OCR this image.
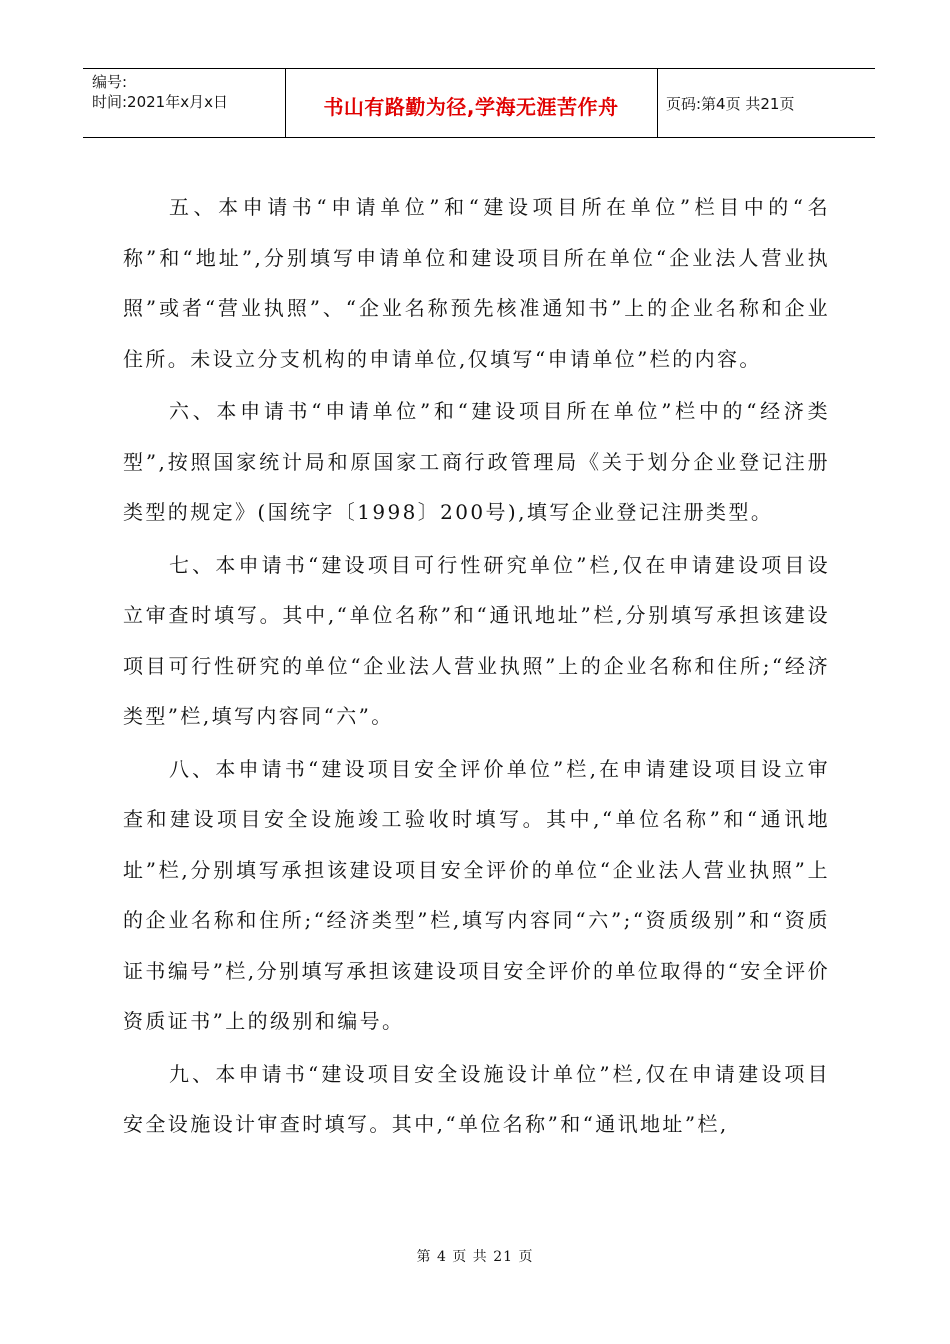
编号:
时间:2021年x月x日	书山有路勤为径,学海无涯苦作舟	页码:第4页 共21页

五、本申请书“申请单位”和“建设项目所在单位”栏目中的“名称”和“地址”,分别填写申请单位和建设项目所在单位“企业法人营业执照”或者“营业执照”、“企业名称预先核准通知书”上的企业名称和企业住所。未设立分支机构的申请单位,仅填写“申请单位”栏的内容。

六、本申请书“申请单位”和“建设项目所在单位”栏中的“经济类型”,按照国家统计局和原国家工商行政管理局《关于划分企业登记注册类型的规定》(国统字〔1998〕200号),填写企业登记注册类型。

七、本申请书“建设项目可行性研究单位”栏,仅在申请建设项目设立审查时填写。其中,“单位名称”和“通讯地址”栏,分别填写承担该建设项目可行性研究的单位“企业法人营业执照”上的企业名称和住所;“经济类型”栏,填写内容同“六”。

八、本申请书“建设项目安全评价单位”栏,在申请建设项目设立审查和建设项目安全设施竣工验收时填写。其中,“单位名称”和“通讯地址”栏,分别填写承担该建设项目安全评价的单位“企业法人营业执照”上的企业名称和住所;“经济类型”栏,填写内容同“六”;“资质级别”和“资质证书编号”栏,分别填写承担该建设项目安全评价的单位取得的“安全评价资质证书”上的级别和编号。

九、本申请书“建设项目安全设施设计单位”栏,仅在申请建设项目安全设施设计审查时填写。其中,“单位名称”和“通讯地址”栏,

第 4 页 共 21 页
